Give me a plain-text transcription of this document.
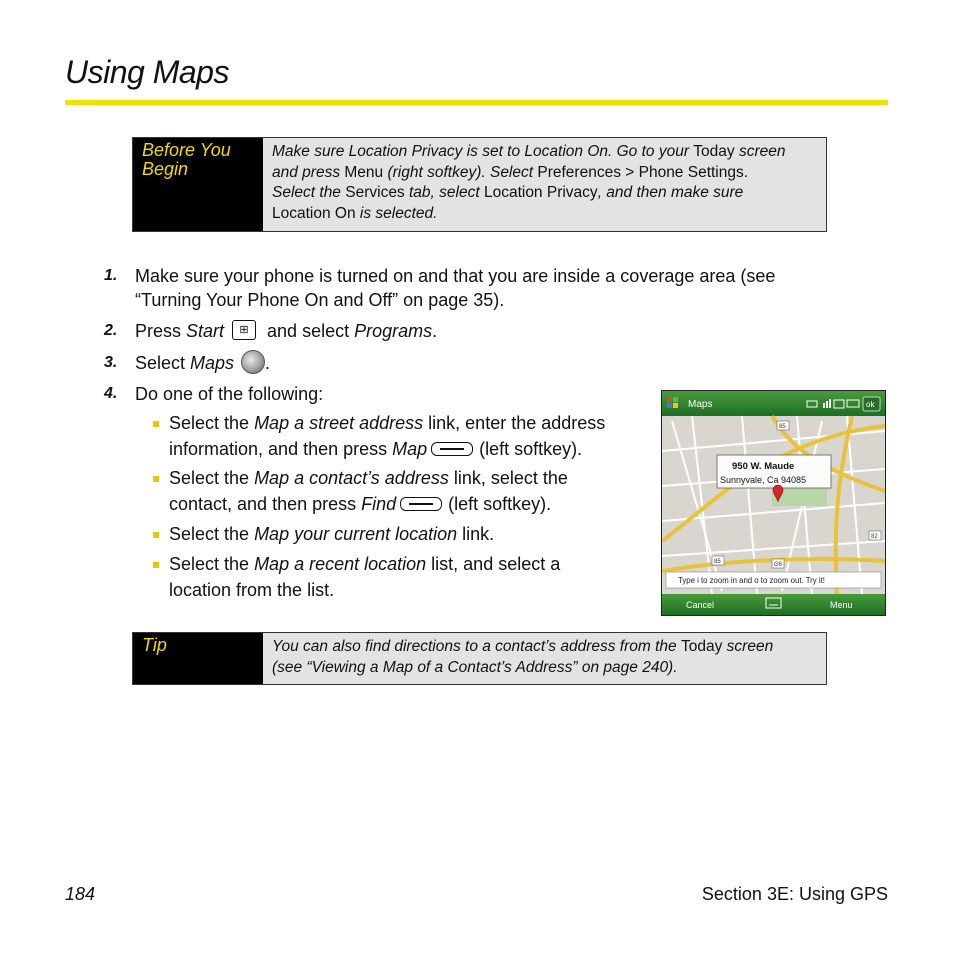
Using Maps
Before You Begin
Make sure Location Privacy is set to Location On. Go to your Today screen
and press Menu (right softkey). Select Preferences > Phone Settings.
Select the Services tab, select Location Privacy, and then make sure
Location On is selected.
1. Make sure your phone is turned on and that you are inside a coverage area (see
“Turning Your Phone On and Off” on page 35).
2. Press Start ⊞ and select Programs.
3. Select Maps .
4. Do one of the following:
Select the Map a street address link, enter the address
information, and then press Map	(left softkey).
Select the Map a contact’s address link, select the
contact, and then press Find	(left softkey).
Select the Map your current location link.
Select the Map a recent location list, and select a
location from the list.
Maps	ok
85
85	G6
82
950 W. Maude
Sunnyvale, Ca 94085
Type i to zoom in and o to zoom out. Try it!
Cancel	Menu
Tip	You can also find directions to a contact’s address from the Today screen
(see “Viewing a Map of a Contact’s Address” on page 240).
184	Section 3E: Using GPS
